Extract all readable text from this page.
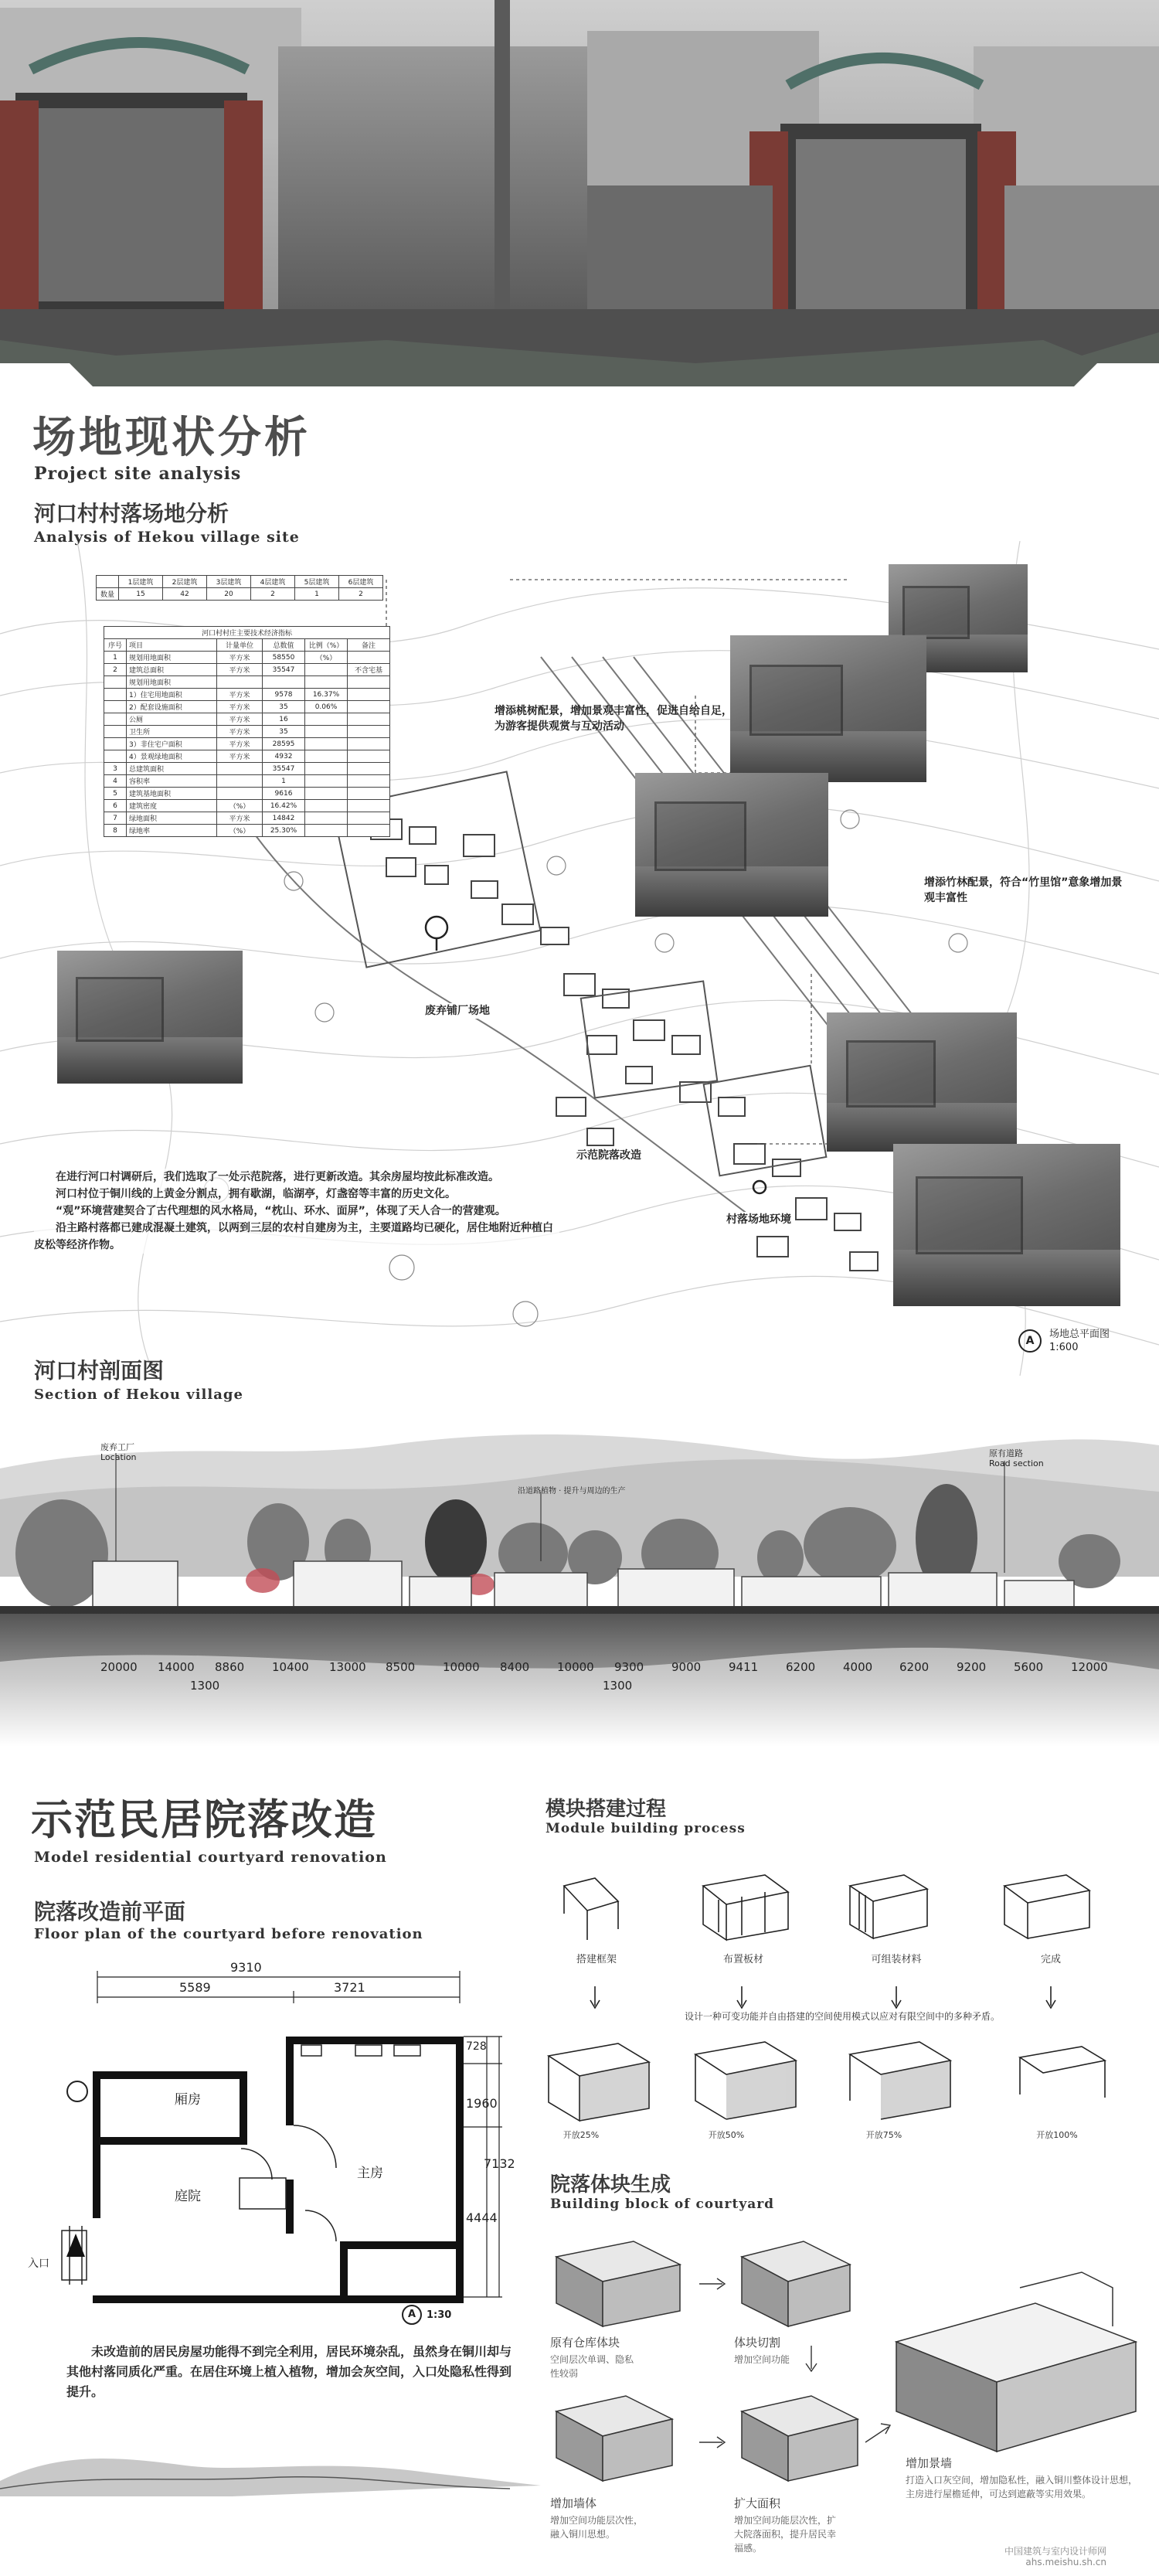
场地现状分析
Project site analysis
河口村村落场地分析
Analysis of Hekou village site
	1层建筑	2层建筑	3层建筑	4层建筑	5层建筑	6层建筑
数量	15	42	20	2	1	2
河口村村庄主要技术经济指标					
序号	项目	计量单位	总数值	比例（%）	备注
1	规划用地面积	平方米	58550	（%）	
2	建筑总面积	平方米	35547		不含宅基
	规划用地面积				
	1）住宅用地面积	平方米	9578	16.37%	
	2）配套设施面积	平方米	35	0.06%	
	公厕	平方米	16		
	卫生所	平方米	35		
	3）非住宅户面积	平方米	28595		
	4）景观绿地面积	平方米	4932		
3	总建筑面积		35547		
4	容积率		1		
5	建筑基地面积		9616		
6	建筑密度	（%）	16.42%		
7	绿地面积	平方米	14842		
8	绿地率	（%）	25.30%		
增添桃树配景，增加景观丰富性，促进自给自足，为游客提供观赏与互动活动
增添竹林配景，符合“竹里馆”意象增加景观丰富性
废弃铺厂场地
示范院落改造
村落场地环境
A
场地总平面图
1:600
在进行河口村调研后，我们选取了一处示范院落，进行更新改造。其余房屋均按此标准改造。
河口村位于铜川线的上黄金分割点，拥有歇湖，临湖亭，灯盏窑等丰富的历史文化。
“观”环境营建契合了古代理想的风水格局，“枕山、环水、面屏”，体现了天人合一的营建观。
沿主路村落都已建成混凝土建筑，以两到三层的农村自建房为主，主要道路均已硬化，居住地附近种植白皮松等经济作物。
河口村剖面图
Section of Hekou village
废弃工厂
Location
沿道路植物 · 提升与周边的生产
原有道路
Road section
20000 14000 8860 10400 13000 8500 10000 8400 10000 9300 9000 9411 6200 4000 6200 9200 5600 12000
1300	1300
示范民居院落改造
Model residential courtyard renovation
院落改造前平面
Floor plan of the courtyard before renovation
9310
5589	3721
728
1960
4444
7132
厢房
主房
庭院
入口
A	1:30
未改造前的居民房屋功能得不到完全利用，居民环境杂乱，虽然身在铜川却与其他村落同质化严重。在居住环境上植入植物，增加会灰空间，入口处隐私性得到提升。
模块搭建过程
Module building process
搭建框架	布置板材	可组装材料	完成
设计一种可变功能并自由搭建的空间使用模式以应对有限空间中的多种矛盾。
开放25%	开放50%	开放75%	开放100%
院落体块生成
Building block of courtyard
原有仓库体块
空间层次单调、隐私性较弱
体块切割
增加空间功能
增加墙体
增加空间功能层次性，融入铜川思想。
扩大面积
增加空间功能层次性，扩大院落面积，提升居民幸福感。
增加景墙
打造入口灰空间，增加隐私性，融入铜川整体设计思想，主房进行屋檐延伸，可达到遮蔽等实用效果。
中国建筑与室内设计师网
ahs.meishu.sh.cn
